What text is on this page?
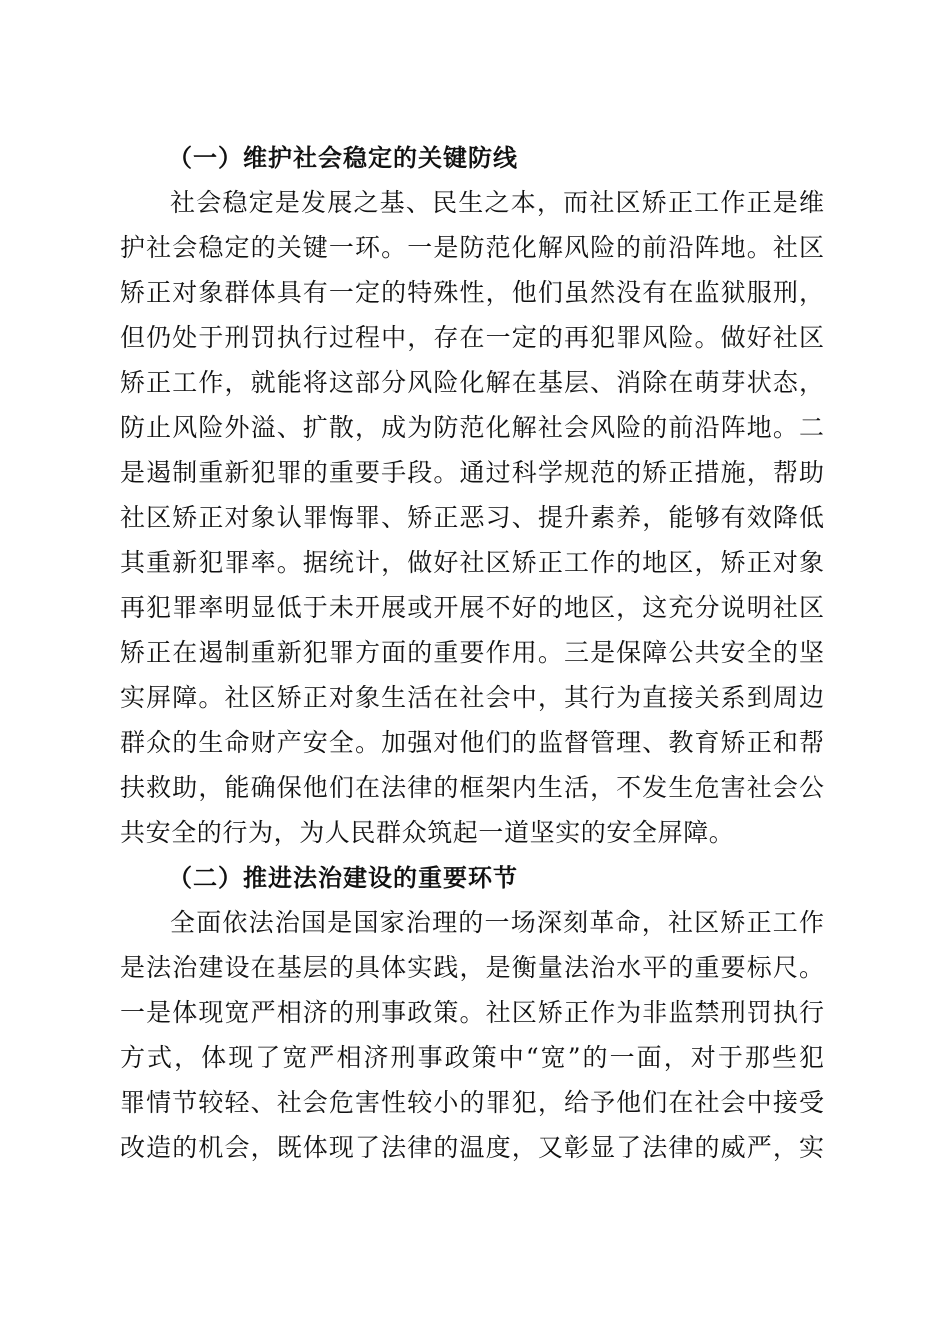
（一）维护社会稳定的关键防线

社会稳定是发展之基、民生之本，而社区矫正工作正是维
护社会稳定的关键一环。一是防范化解风险的前沿阵地。社区
矫正对象群体具有一定的特殊性，他们虽然没有在监狱服刑，
但仍处于刑罚执行过程中，存在一定的再犯罪风险。做好社区
矫正工作，就能将这部分风险化解在基层、消除在萌芽状态，
防止风险外溢、扩散，成为防范化解社会风险的前沿阵地。二
是遏制重新犯罪的重要手段。通过科学规范的矫正措施，帮助
社区矫正对象认罪悔罪、矫正恶习、提升素养，能够有效降低
其重新犯罪率。据统计，做好社区矫正工作的地区，矫正对象
再犯罪率明显低于未开展或开展不好的地区，这充分说明社区
矫正在遏制重新犯罪方面的重要作用。三是保障公共安全的坚
实屏障。社区矫正对象生活在社会中，其行为直接关系到周边
群众的生命财产安全。加强对他们的监督管理、教育矫正和帮
扶救助，能确保他们在法律的框架内生活，不发生危害社会公
共安全的行为，为人民群众筑起一道坚实的安全屏障。

（二）推进法治建设的重要环节

全面依法治国是国家治理的一场深刻革命，社区矫正工作
是法治建设在基层的具体实践，是衡量法治水平的重要标尺。
一是体现宽严相济的刑事政策。社区矫正作为非监禁刑罚执行
方式，体现了宽严相济刑事政策中“宽”的一面，对于那些犯
罪情节较轻、社会危害性较小的罪犯，给予他们在社会中接受
改造的机会，既体现了法律的温度，又彰显了法律的威严，实
